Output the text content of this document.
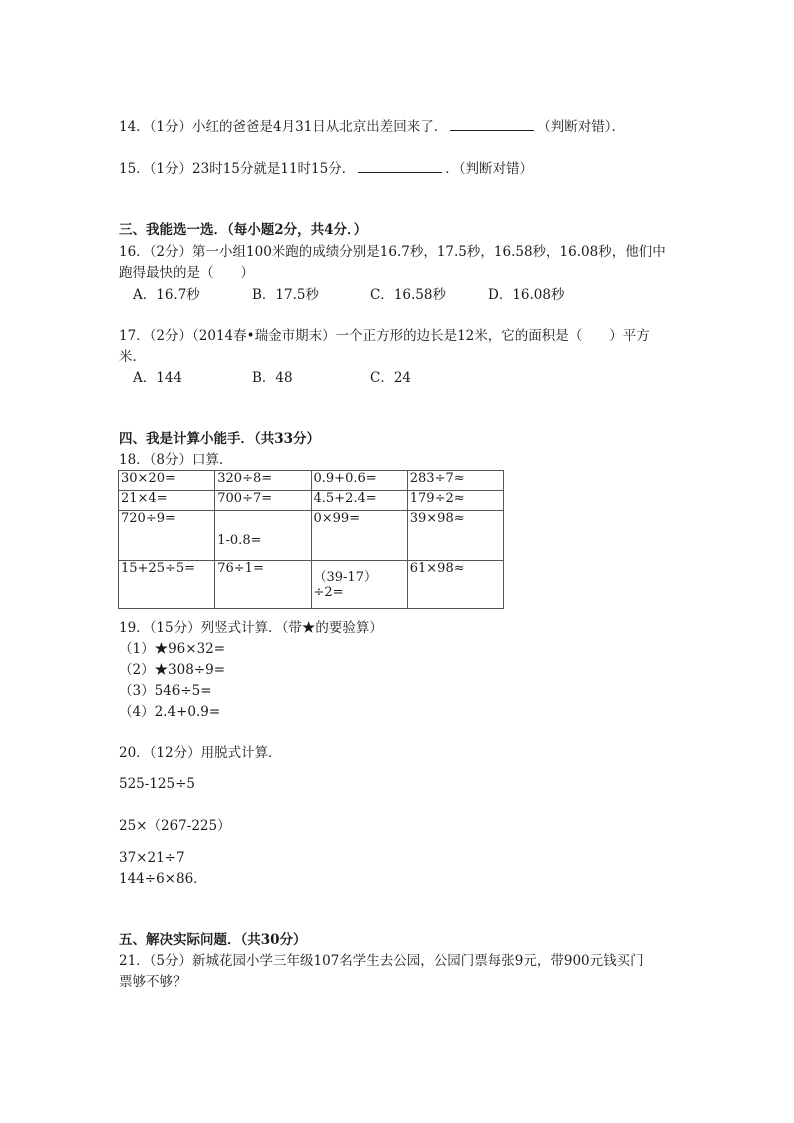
14．（1分）小红的爸爸是4月31日从北京出差回来了．	（判断对错）．
15．（1分）23时15分就是11时15分．	．（判断对错）
三、我能选一选．（每小题2分，共4分．）
16．（2分）第一小组100米跑的成绩分别是16.7秒，17.5秒，16.58秒，16.08秒，他们中
跑得最快的是（　　）
A．16.7秒	B．17.5秒	C．16.58秒	D．16.08秒
17．（2分）（2014春•瑞金市期末）一个正方形的边长是12米，它的面积是（　　）平方
米．
A．144	B．48	C．24
四、我是计算小能手．（共33分）
18．（8分）口算．
30×20=	320÷8=	0.9+0.6=	283÷7≈
21×4=	700÷7=	4.5+2.4=	179÷2≈
720÷9=	1-0.8=	0×99=	39×98≈
15+25÷5=	76÷1=	（39-17）÷2=	61×98≈
19．（15分）列竖式计算．（带★的要验算）
（1）★96×32=
（2）★308÷9=
（3）546÷5=
（4）2.4+0.9=
20．（12分）用脱式计算．
525-125÷5
25×（267-225）
37×21÷7
144÷6×86．
五、解决实际问题．（共30分）
21．（5分）新城花园小学三年级107名学生去公园，公园门票每张9元，带900元钱买门
票够不够？
